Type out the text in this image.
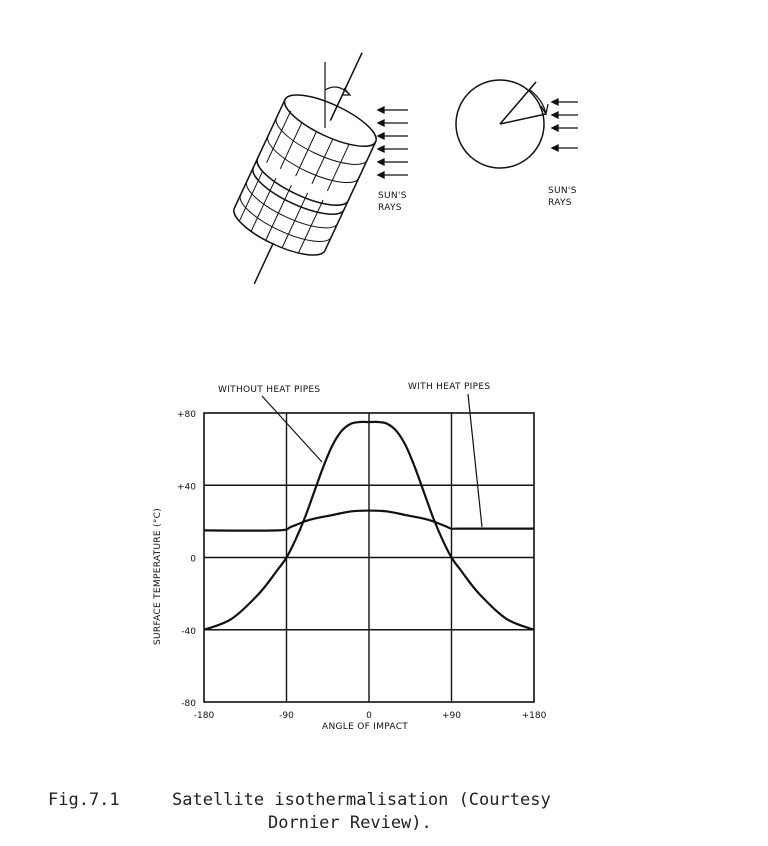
SUN'S
RAYS
SUN'S
RAYS
-180	-90	0	+90	+180
-80
-40
0
+40
+80
WITHOUT HEAT PIPES	WITH HEAT PIPES
ANGLE OF IMPACT
SURFACE TEMPERATURE (°C)
Fig.7.1	Satellite isothermalisation (Courtesy
Dornier Review).
